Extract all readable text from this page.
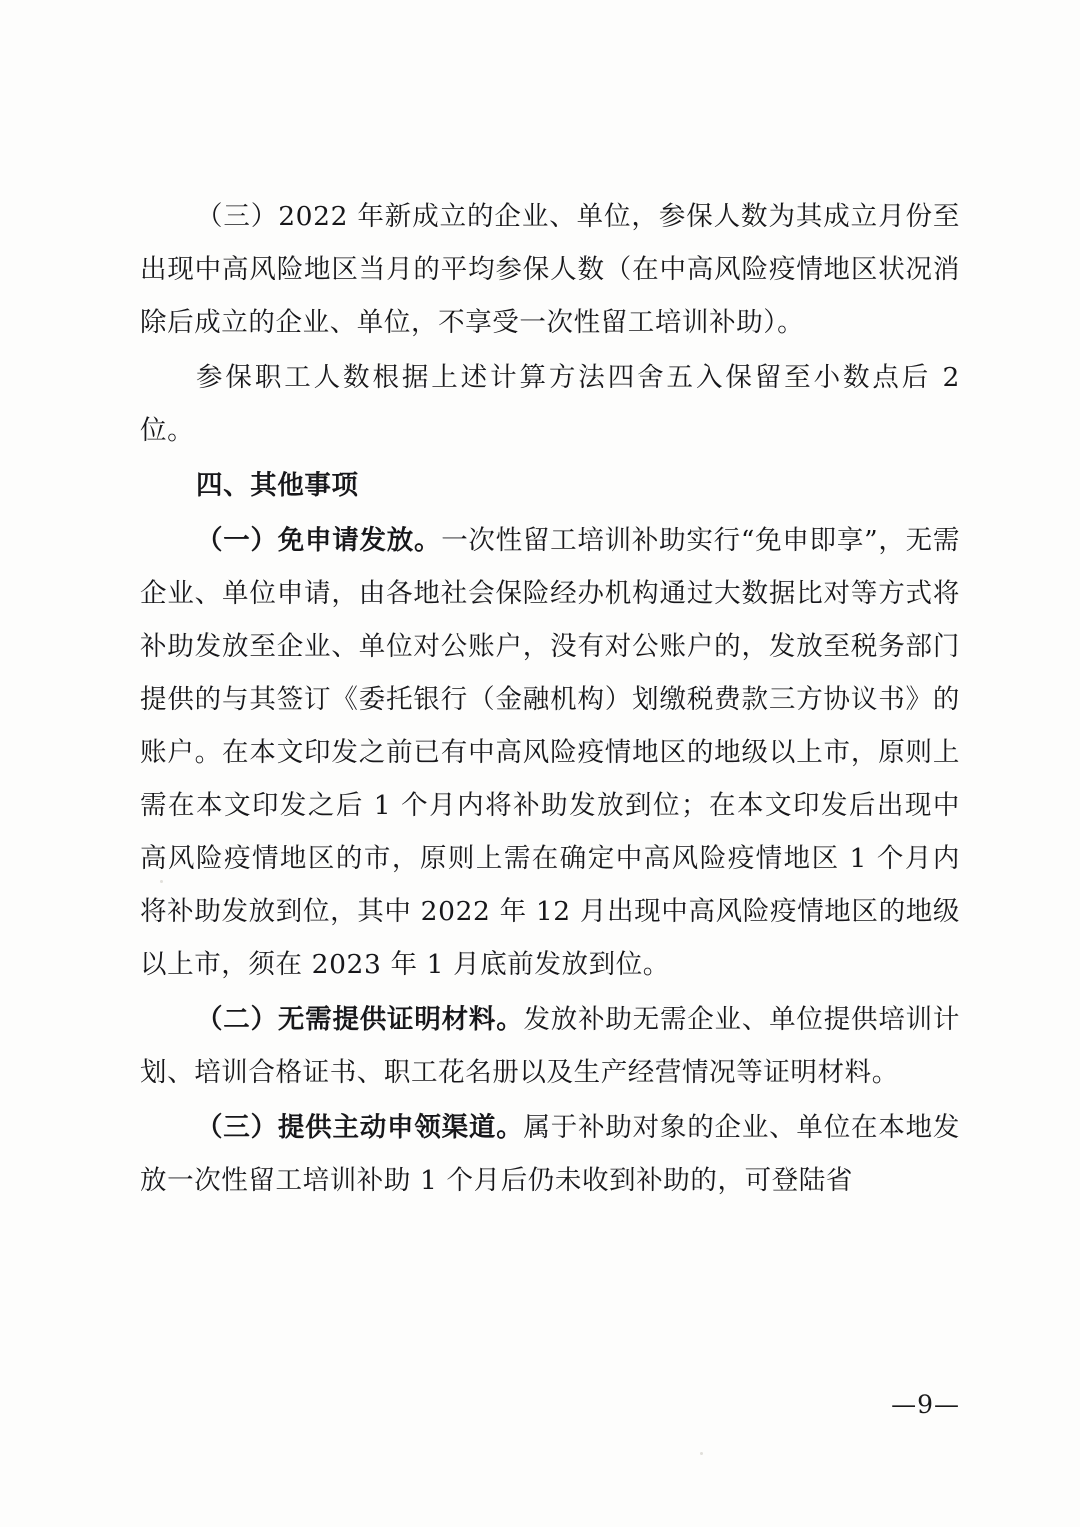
（三）2022 年新成立的企业、单位，参保人数为其成立月份至出现中高风险地区当月的平均参保人数（在中高风险疫情地区状况消除后成立的企业、单位，不享受一次性留工培训补助）。

参保职工人数根据上述计算方法四舍五入保留至小数点后 2 位。

四、其他事项

（一）免申请发放。一次性留工培训补助实行“免申即享”，无需企业、单位申请，由各地社会保险经办机构通过大数据比对等方式将补助发放至企业、单位对公账户，没有对公账户的，发放至税务部门提供的与其签订《委托银行（金融机构）划缴税费款三方协议书》的账户。在本文印发之前已有中高风险疫情地区的地级以上市，原则上需在本文印发之后 1 个月内将补助发放到位；在本文印发后出现中高风险疫情地区的市，原则上需在确定中高风险疫情地区 1 个月内将补助发放到位，其中 2022 年 12 月出现中高风险疫情地区的地级以上市，须在 2023 年 1 月底前发放到位。

（二）无需提供证明材料。发放补助无需企业、单位提供培训计划、培训合格证书、职工花名册以及生产经营情况等证明材料。

（三）提供主动申领渠道。属于补助对象的企业、单位在本地发放一次性留工培训补助 1 个月后仍未收到补助的，可登陆省

—9—
